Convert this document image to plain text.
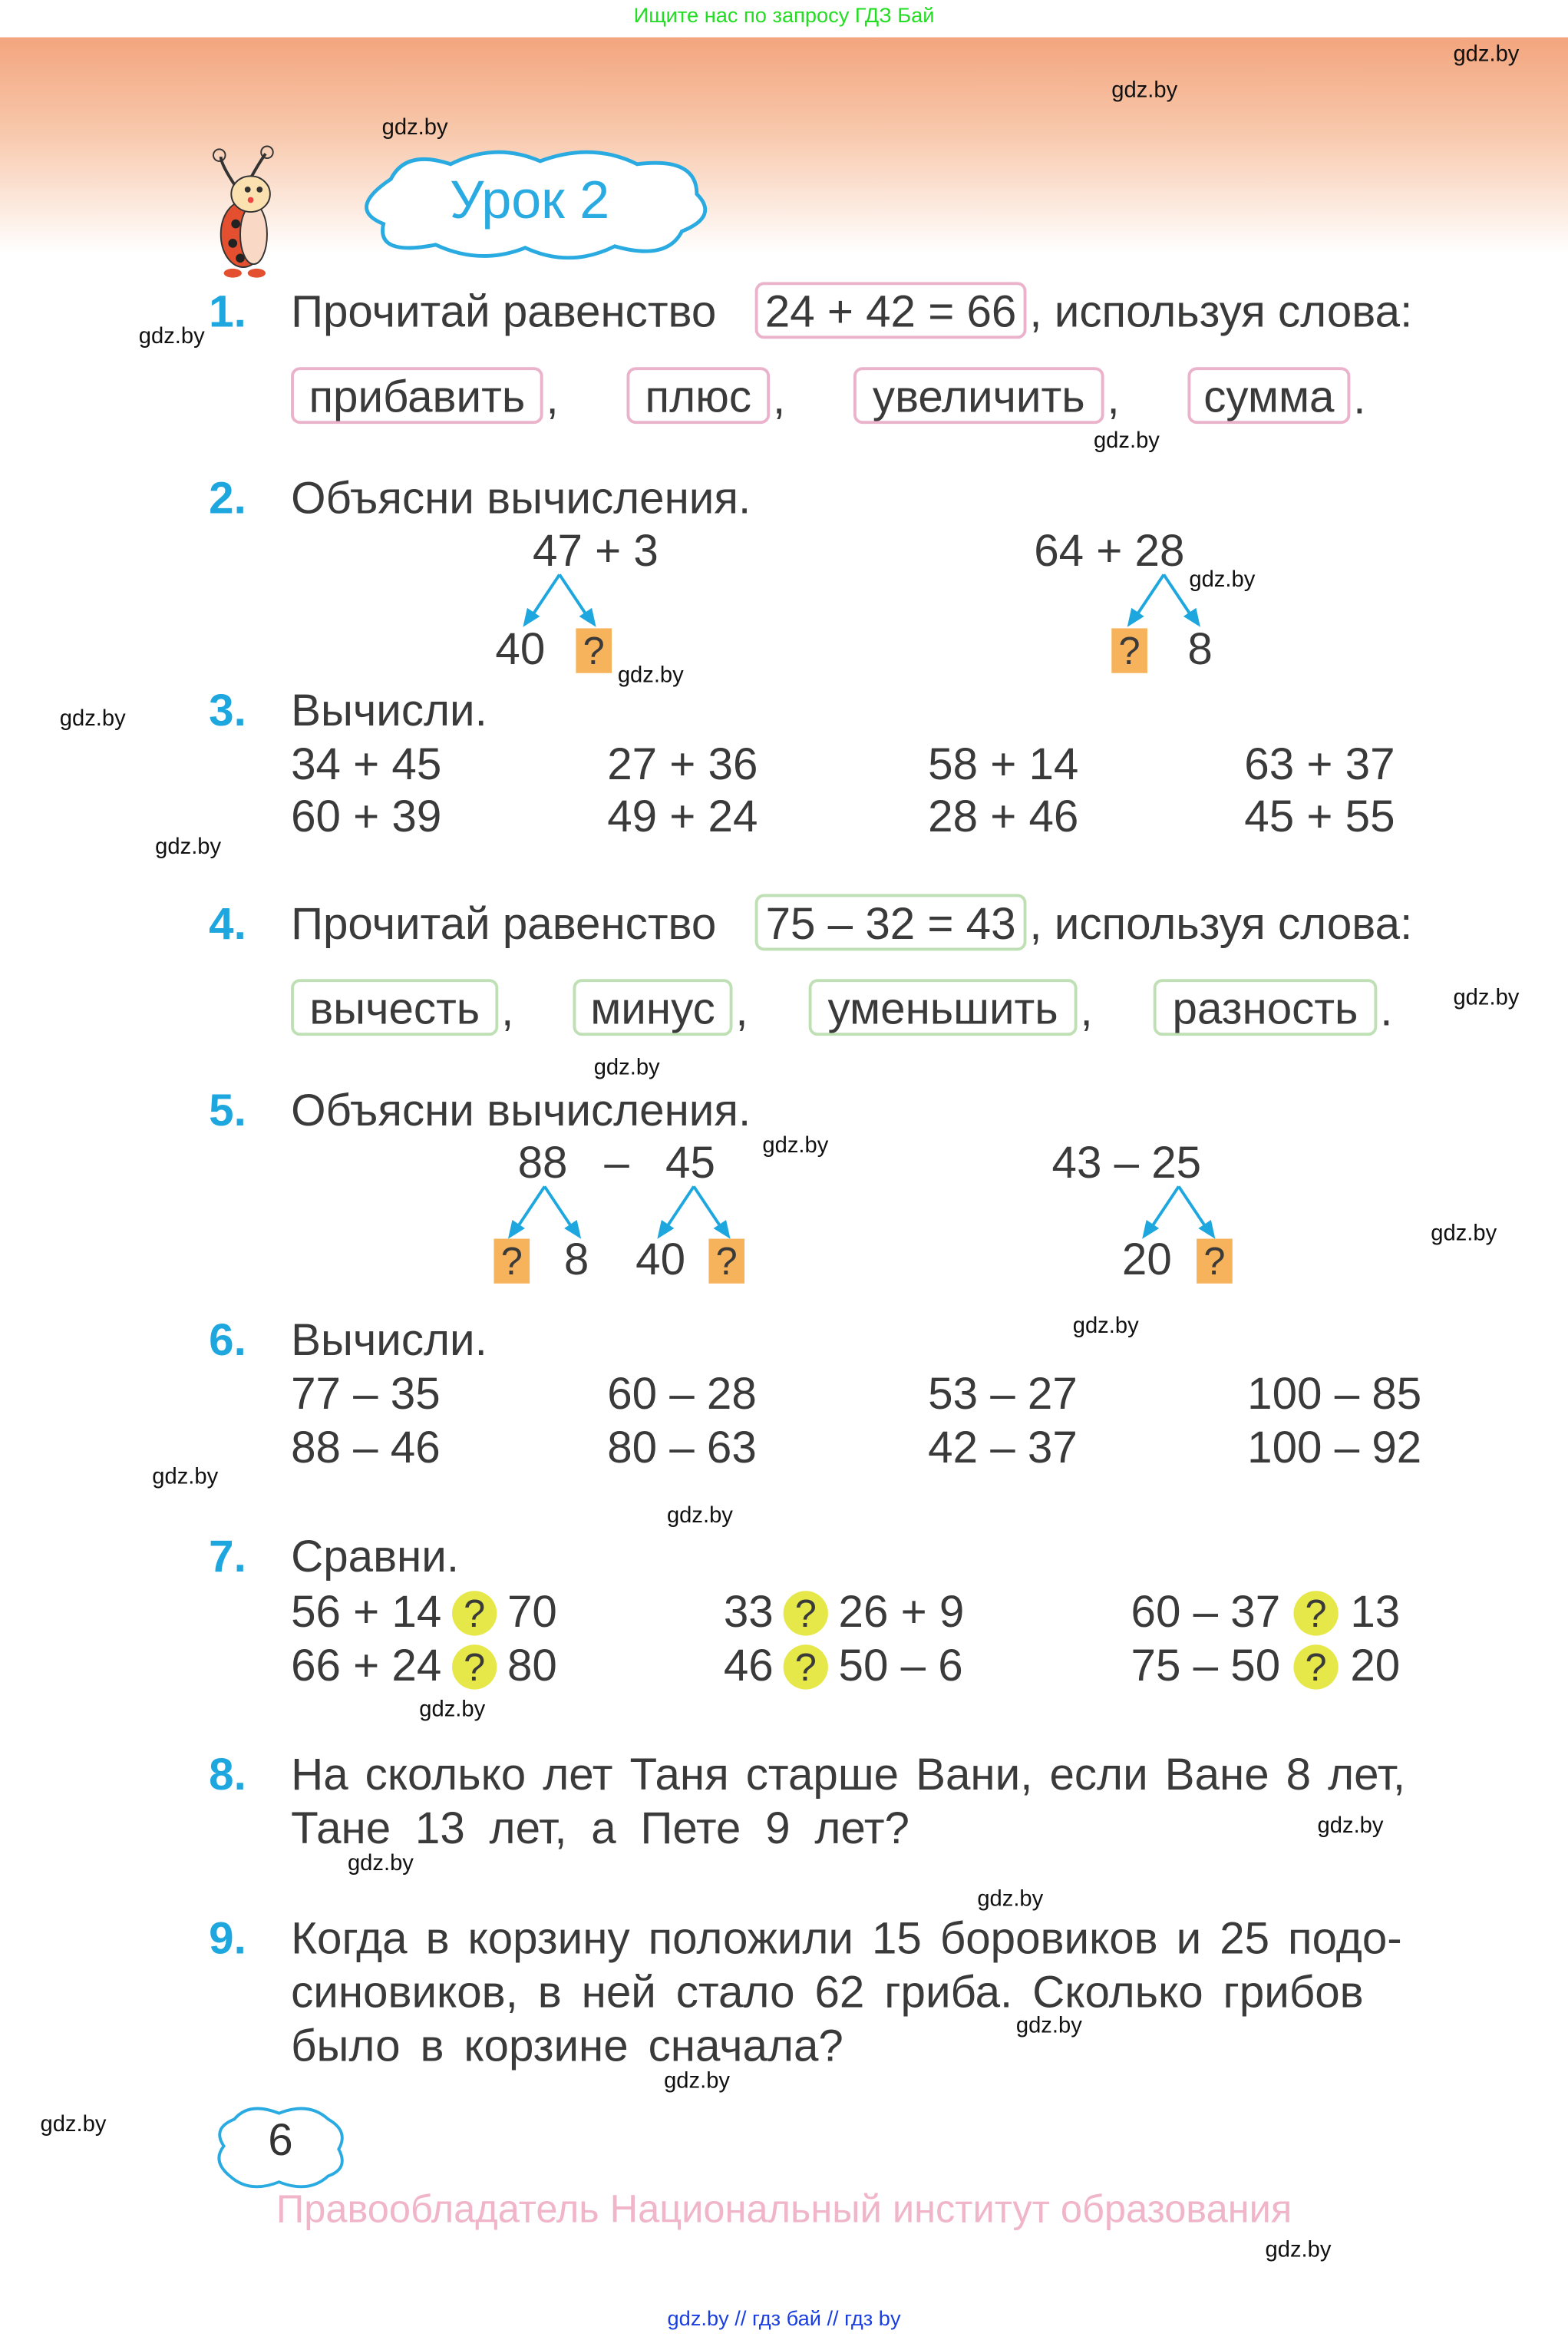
Ищите нас по запросу ГДЗ Бай
Урок 2
1. Прочитай равенство	24 + 42 = 66 , используя слова:
прибавить ,	плюс ,	увеличить ,	сумма .
2. Объясни вычисления.
47 + 3
40	?
64 + 28
?	8
3. Вычисли.
34 + 45	27 + 36	58 + 14	63 + 37
60 + 39	49 + 24	28 + 46	45 + 55
4. Прочитай равенство	75 – 32 = 43 , используя слова:
вычесть ,	минус ,	уменьшить ,	разность .
5. Объясни вычисления.
88 – 45
?	8 40	?
43 – 25
20	?
6. Вычисли.
77 – 35	60 – 28	53 – 27	100 – 85
88 – 46	80 – 63	42 – 37	100 – 92
7. Сравни.
56 + 14	? 70	33	? 26 + 9	60 – 37	?	13
66 + 24	? 80	46	? 50 – 6	75 – 50	?	20
8. На сколько лет Таня старше Вани, если Ване 8 лет,
Тане 13 лет, а Пете 9 лет?
9. Когда в корзину положили 15 боровиков и 25 подо-
синовиков, в ней стало 62 гриба. Сколько грибов
было в корзине сначала?
6
Правообладатель Национальный институт образования
gdz.by // гдз бай // гдз by
gdz.by
gdz.by
gdz.by
gdz.by
gdz.by
gdz.by
gdz.by
gdz.by
gdz.by
gdz.by
gdz.by
gdz.by
gdz.by
gdz.by
gdz.by
gdz.by
gdz.by
gdz.by
gdz.by
gdz.by
gdz.by
gdz.by
gdz.by
gdz.by
